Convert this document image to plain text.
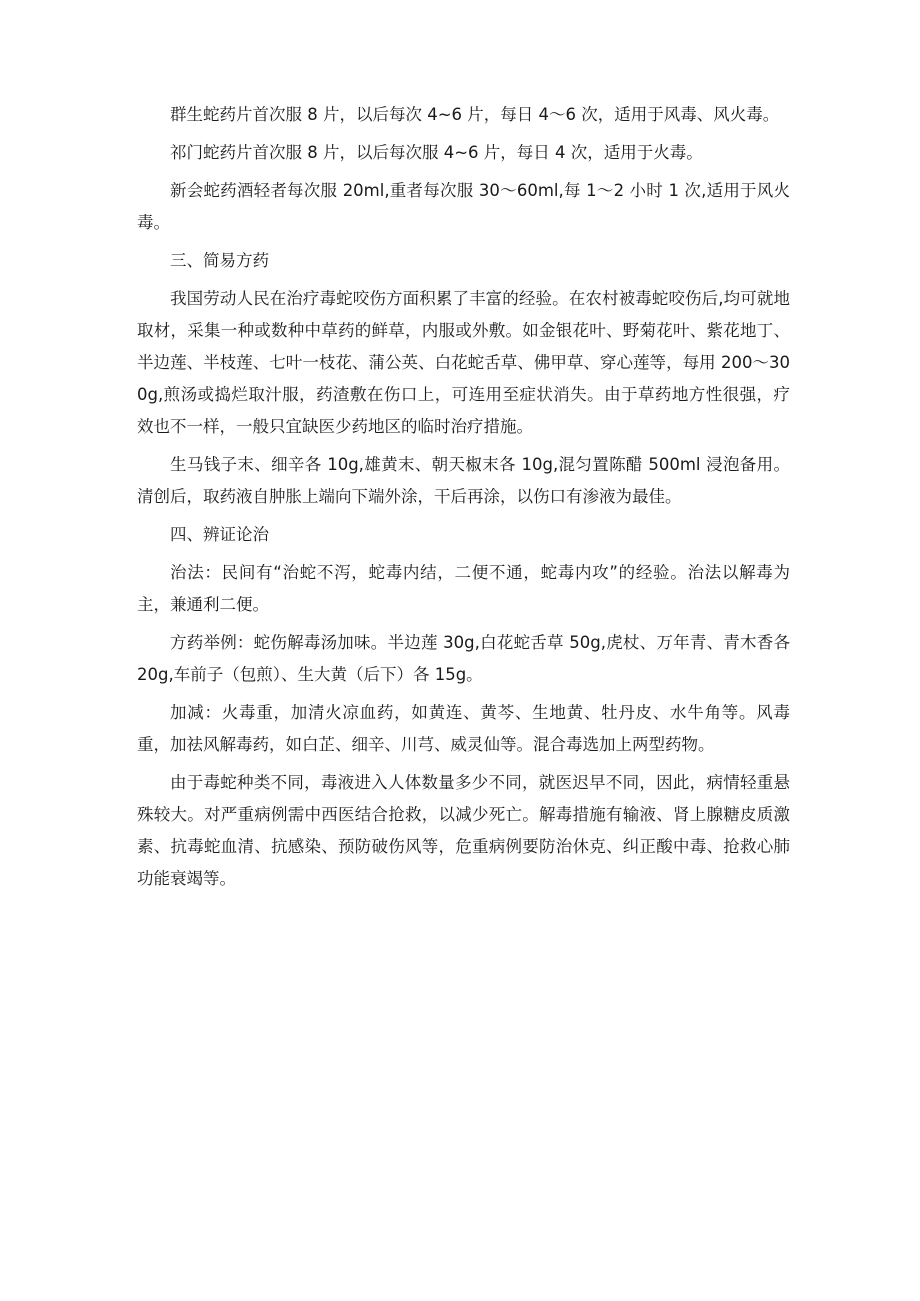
群生蛇药片首次服 8 片，以后每次 4~6 片，每日 4～6 次，适用于风毒、风火毒。

祁门蛇药片首次服 8 片，以后每次服 4~6 片，每日 4 次，适用于火毒。

新会蛇药酒轻者每次服 20ml,重者每次服 30～60ml,每 1～2 小时 1 次,适用于风火毒。

三、简易方药

我国劳动人民在治疗毒蛇咬伤方面积累了丰富的经验。在农村被毒蛇咬伤后,均可就地取材，采集一种或数种中草药的鲜草，内服或外敷。如金银花叶、野菊花叶、紫花地丁、半边莲、半枝莲、七叶一枝花、蒲公英、白花蛇舌草、佛甲草、穿心莲等，每用 200～300g,煎汤或捣烂取汁服，药渣敷在伤口上，可连用至症状消失。由于草药地方性很强，疗效也不一样，一般只宜缺医少药地区的临时治疗措施。

生马钱子末、细辛各 10g,雄黄末、朝天椒末各 10g,混匀置陈醋 500ml 浸泡备用。清创后，取药液自肿胀上端向下端外涂，干后再涂，以伤口有渗液为最佳。

四、辨证论治

治法：民间有“治蛇不泻，蛇毒内结，二便不通，蛇毒内攻”的经验。治法以解毒为主，兼通利二便。

方药举例：蛇伤解毒汤加味。半边莲 30g,白花蛇舌草 50g,虎杖、万年青、青木香各 20g,车前子（包煎）、生大黄（后下）各 15g。

加减：火毒重，加清火凉血药，如黄连、黄芩、生地黄、牡丹皮、水牛角等。风毒重，加祛风解毒药，如白芷、细辛、川芎、威灵仙等。混合毒选加上两型药物。

由于毒蛇种类不同，毒液进入人体数量多少不同，就医迟早不同，因此，病情轻重悬殊较大。对严重病例需中西医结合抢救，以减少死亡。解毒措施有输液、肾上腺糖皮质激素、抗毒蛇血清、抗感染、预防破伤风等，危重病例要防治休克、纠正酸中毒、抢救心肺功能衰竭等。
